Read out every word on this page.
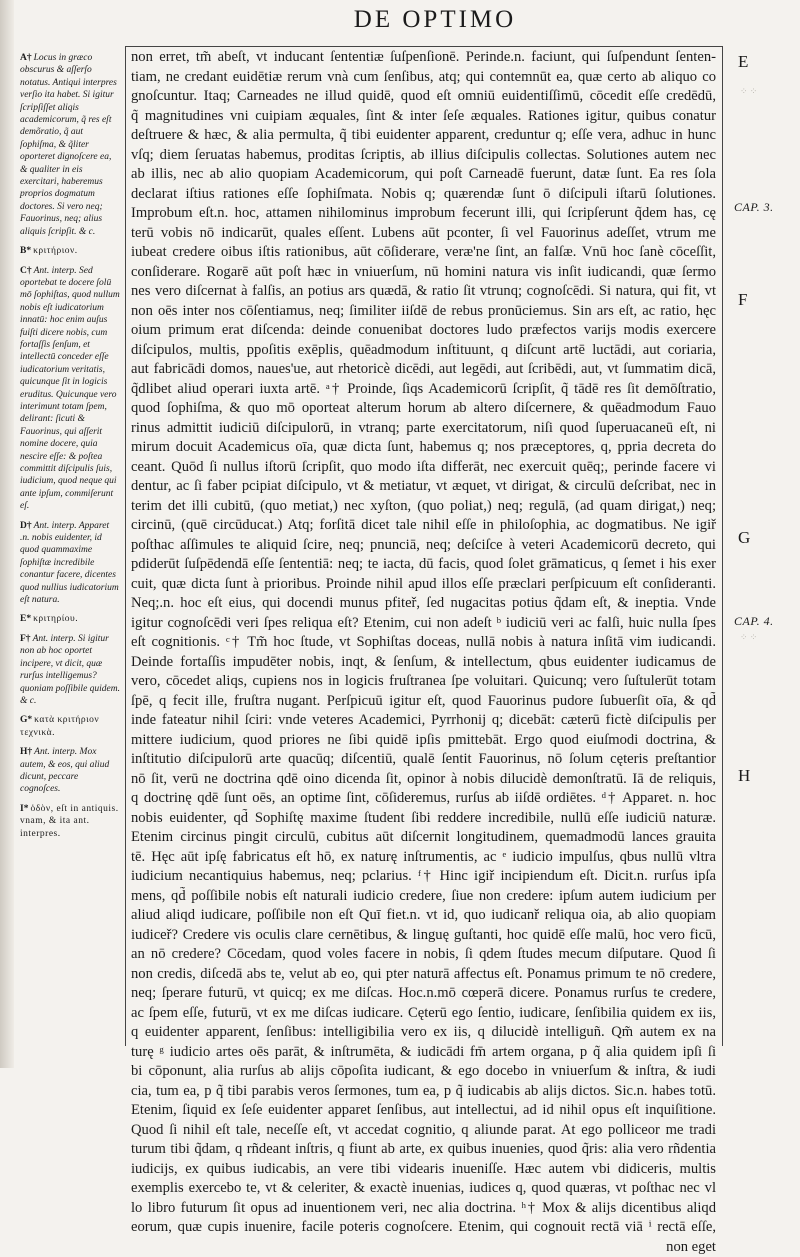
DE OPTIMO
A† Locus in græco obscurus & aſſerſo notatus. Antiqui interpres verſio ita habet. Si igitur ſcripſiſſet aliqis academicorum, q̃ res eſt demõratio, q̃ aut ſophiſma, & q̃liter oporteret dignoſcere ea, & qualiter in eis exercitari, haberemus proprios dogmatum doctores. Si vero neq; Fauorinus, neq; alius aliquis ſcripſit. & c.
B* κριτήριον.
C† Ant. interp. Sed oportebat te docere ſolū mō ſophiſtas, quod nullum nobis eſt iudicatorium innatū: hoc enim auſus fuiſti dicere nobis, cum fortaſſis ſenſum, et intellectū conceder eſſe iudicatorium veritatis, quicunque ſit in logicis eruditus. Quicunque vero interimunt totam ſpem, delirant: ſicuti & Fauorinus, qui aſſerit nomine docere, quia nescire eſſe: & poſtea committit diſcipulis ſuis, iudicium, quod neque qui ante ipſum, commiſerunt eſ.
D† Ant. interp. Apparet .n. nobis euidenter, id quod quammaxime ſophiſtæ incredibile conantur facere, dicentes quod nullius iudicatorium eſt natura.
E* κριτηρίου.
F† Ant. interp. Si igitur non ab hoc oportet incipere, vt dicit, quæ rurſus intelligemus? quoniam poſſibile quidem. & c.
G* κατὰ κριτήριον τεχνικὰ.
H† Ant. interp. Mox autem, & eos, qui aliud dicunt, peccare cognoſces.
I* ὁδὸν, eſt in antiquis. vnam, & ita ant. interpres.
non erret, tm̃ abeſt, vt inducant ſententiæ ſuſpenſionē. Perinde.n. faciunt, qui ſuſpendunt ſenten-
tiam, ne credant euidētiæ rerum vnà cum ſenſibus, atq; qui contemnūt ea, quæ certo ab aliquo co
gnoſcuntur. Itaq; Carneades ne illud quidē, quod eſt omniū euidentiſſimū, cōcedit eſſe credēdū,
q̃ magnitudines vni cuipiam æquales, ſint & inter ſeſe æquales. Rationes igitur, quibus conatur
deſtruere & hæc, & alia permulta, q̃ tibi euidenter apparent, creduntur q; eſſe vera, adhuc in hunc
vſq; diem ſeruatas habemus, proditas ſcriptis, ab illius diſcipulis collectas. Solutiones autem nec
ab illis, nec ab alio quopiam Academicorum, qui poſt Carneadē fuerunt, datæ ſunt. Ea res ſola
declarat iſtius rationes eſſe ſophiſmata. Nobis q; quærendæ ſunt ō diſcipuli iſtarū ſolutiones.
Improbum eſt.n. hoc, attamen nihilominus improbum fecerunt illi, qui ſcripſerunt q̃dem has, cę
terū vobis nō indicarūt, quales eſſent. Lubens aūt pconter, ſi vel Fauorinus adeſſet, vtrum me
iubeat credere oibus iſtis rationibus, aūt cōſiderare, veræ'ne ſint, an falſæ. Vnū hoc ſanè cōceſſit,
conſiderare. Rogarē aūt poſt hæc in vniuerſum, nū homini natura vis inſit iudicandi, quæ ſermo
nes vero diſcernat à falſis, an potius ars quædā, & ratio ſit vtrunq; cognoſcēdi. Si natura, qui fit, vt
non oēs inter nos cōſentiamus, neq; ſimiliter iiſdē de rebus pronūciemus. Sin ars eſt, ac ratio, hęc
oium primum erat diſcenda: deinde conuenibat doctores ludo præfectos varijs modis exercere
diſcipulos, multis, ppoſitis exēplis, quēadmodum inſtituunt, q diſcunt artē luctādi, aut coriaria,
aut fabricādi domos, naues'ue, aut rhetoricè dicēdi, aut legēdi, aut ſcribēdi, aut, vt ſummatim dicā,
q̃dlibet aliud operari iuxta artē. ᵃ† Proinde, ſiqs Academicorū ſcripſit, q̃ tādē res ſit demōſtratio,
quod ſophiſma, & quo mō oporteat alterum horum ab altero diſcernere, & quēadmodum Fauo
rinus admittit iudiciū diſcipulorū, in vtranq; parte exercitatorum, niſi quod ſuperuacaneū eſt, ni
mirum docuit Academicus oīa, quæ dicta ſunt, habemus q; nos præceptores, q, ppria decreta do
ceant. Quōd ſi nullus iſtorū ſcripſit, quo modo iſta differāt, nec exercuit quēq;, perinde facere vi
dentur, ac ſi faber pcipiat diſcipulo, vt & metiatur, vt æquet, vt dirigat, & circulū deſcribat, nec in
terim det illi cubitū, (quo metiat,) nec xyſton, (quo poliat,) neq; regulā, (ad quam dirigat,) neq;
circinū, (quē circūducat.) Atq; forſitā dicet tale nihil eſſe in philoſophia, ac dogmatibus. Ne igiř
poſthac aſſimules te aliquid ſcire, neq; pnunciā, neq; deſciſce à veteri Academicorū decreto, qui
pdiderūt ſuſpēdendā eſſe ſententiā: neq; te iacta, dū facis, quod ſolet grāmaticus, q ſemet i his exer
cuit, quæ dicta ſunt à prioribus. Proinde nihil apud illos eſſe præclari perſpicuum eſt conſideranti.
Neq;.n. hoc eſt eius, qui docendi munus pfiteř, ſed nugacitas potius q̃dam eſt, & ineptia. Vnde
igitur cognoſcēdi veri ſpes reliqua eſt? Etenim, cui non adeſt ᵇ iudiciū veri ac falſi, huic nulla ſpes
eſt cognitionis. ᶜ† Tm̃ hoc ſtude, vt Sophiſtas doceas, nullā nobis à natura inſitā vim iudicandi.
Deinde fortaſſis impudēter nobis, inqt, & ſenſum, & intellectum, qbus euidenter iudicamus de
vero, cōcedet aliqs, cupiens nos in logicis fruſtranea ſpe voluitari. Quicunq; vero ſuſtulerūt totam
ſpē, q fecit ille, fruſtra nugant. Perſpicuū igitur eſt, quod Fauorinus pudore ſubuerſit oīa, & qd̃
inde fateatur nihil ſciri: vnde veteres Academici, Pyrrhonij q; dicebāt: cæterū fictè diſcipulis per
mittere iudicium, quod priores ne ſibi quidē ipſis pmittebāt. Ergo quod eiuſmodi doctrina, &
inſtitutio diſcipulorū arte quacūq; diſcentiū, qualē ſentit Fauorinus, nō ſolum cęteris preſtantior
nō ſit, verū ne doctrina qdē oino dicenda ſit, opinor à nobis dilucidè demonſtratū. Iā de reliquis,
q doctrinę qdē ſunt oēs, an optime ſint, cōſideremus, rurſus ab iiſdē ordiētes. ᵈ† Apparet. n. hoc
nobis euidenter, qd̃ Sophiſtę maxime ſtudent ſibi reddere incredibile, nullū eſſe iudiciū naturæ.
Etenim circinus pingit circulū, cubitus aūt diſcernit longitudinem, quemadmodū lances grauita
tē. Hęc aūt ipſę fabricatus eſt hō, ex naturę inſtrumentis, ac ᵉ iudicio impulſus, qbus nullū vltra
iudicium necantiquius habemus, neq; pclarius. ᶠ† Hinc igiř incipiendum eſt. Dicit.n. rurſus ipſa
mens, qd̃ poſſibile nobis eſt naturali iudicio credere, ſiue non credere: ipſum autem iudicium per
aliud aliqd iudicare, poſſibile non eſt Quī fiet.n. vt id, quo iudicanř reliqua oia, ab alio quopiam
iudiceř? Credere vis oculis clare cernētibus, & linguę guſtanti, hoc quidē eſſe malū, hoc vero ficū,
an nō credere? Cōcedam, quod voles facere in nobis, ſi qdem ſtudes mecum diſputare. Quod ſi
non credis, diſcedā abs te, velut ab eo, qui pter naturā affectus eſt. Ponamus primum te nō credere,
neq; ſperare futurū, vt quicq; ex me diſcas. Hoc.n.mō cœperā dicere. Ponamus rurſus te credere,
ac ſpem eſſe, futurū, vt ex me diſcas iudicare. Cęterū ego ſentio, iudicare, ſenſibilia quidem ex iis,
q euidenter apparent, ſenſibus: intelligibilia vero ex iis, q dilucidè intelliguñ. Qm̃ autem ex na
turę ᵍ iudicio artes oēs parāt, & inſtrumēta, & iudicādi fm̄ artem organa, p q̃ alia quidem ipſi ſi
bi cōponunt, alia rurſus ab alijs cōpoſita iudicant, & ego docebo in vniuerſum & inſtra, & iudi
cia, tum ea, p q̃ tibi parabis veros ſermones, tum ea, p q̃ iudicabis ab alijs dictos. Sic.n. habes totū.
Etenim, ſiquid ex ſeſe euidenter apparet ſenſibus, aut intellectui, ad id nihil opus eſt inquiſitione.
Quod ſi nihil eſt tale, neceſſe eſt, vt accedat cognitio, q aliunde parat. At ego polliceor me tradi
turum tibi q̃dam, q rñdeant inſtris, q fiunt ab arte, ex quibus inuenies, quod q̃ris: alia vero rñdentia
iudicijs, ex quibus iudicabis, an vere tibi videaris inueniſſe. Hæc autem vbi didiceris, multis
exemplis exercebo te, vt & celeriter, & exactè inuenias, iudices q, quod quæras, vt poſthac nec vl
lo libro futurum ſit opus ad inuentionem veri, nec alia doctrina. ʰ† Mox & alijs dicentibus aliqd
eorum, quæ cupis inuenire, facile poteris cognoſcere. Etenim, qui cognouit rectā viā ⁱ rectā eſſe,
non eget
E
⁘ ⁘
CAP. 3.
F
G
CAP. 4.
⁘ ⁘
H
